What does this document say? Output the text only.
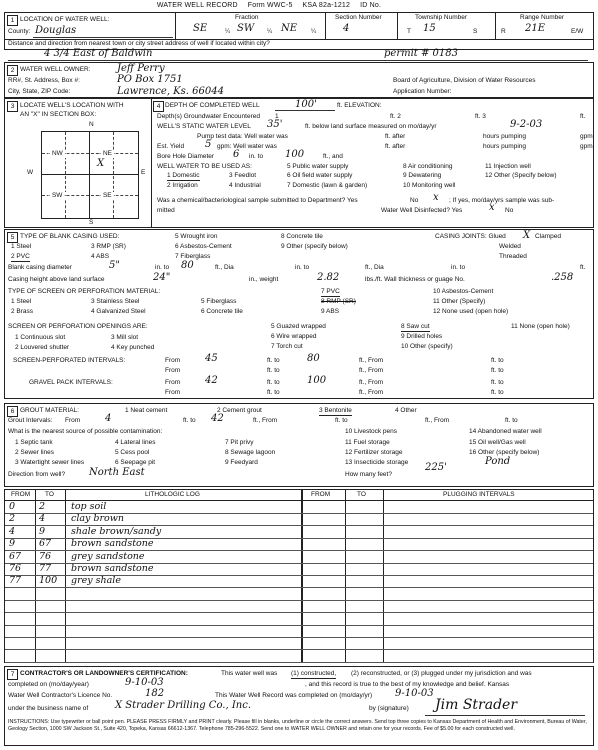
WATER WELL RECORD Form WWC-5 KSA 82a-1212 ID No.
1 LOCATION OF WATER WELL:
County: Douglas
Fraction
SE	¼ SW ¼ NE ¼
Section Number
4
Township Number
T 15	S
Range Number
R 21E	E/W
Distance and direction from nearest town or city street address of well if located within city?
4 3/4 East of Baldwin	permit # 0183
2 WATER WELL OWNER:	Jeff Perry
RR#, St. Address, Box #:	PO Box 1751
City, State, ZIP Code:	Lawrence, Ks. 66044
Board of Agriculture, Division of Water Resources
Application Number:
3 LOCATE WELL'S LOCATION WITH
AN "X" IN SECTION BOX:
N
S
W	E
- NW -	- NE -
- SW -	- SE -
X
4 DEPTH OF COMPLETED WELL	100'	ft. ELEVATION:
Depth(s) Groundwater Encountered 1	ft. 2	ft. 3	ft.
WELL'S STATIC WATER LEVEL 35'	ft. below land surface measured on mo/day/yr	9-2-03
Pump test data: Well water was	ft. after	hours pumping	gpm
Est. Yield 5 gpm: Well water was	ft. after	hours pumping	gpm
Bore Hole Diameter 6 in. to 100	ft., and
WELL WATER TO BE USED AS:
1 Domestic	3 Feedlot
5 Public water supply	8 Air conditioning	11 Injection well
2 Irrigation	4 Industrial
6 Oil field water supply	9 Dewatering	12 Other (Specify below)
7 Domestic (lawn & garden)	10 Monitoring well
Was a chemical/bacteriological sample submitted to Department? Yes	No x ; If yes, mo/day/yrs sample was sub-
mitted	Water Well Disinfected? Yes	x No
5 TYPE OF BLANK CASING USED:
1 Steel	3 RMP (SR)
5 Wrought iron
6 Asbestos-Cement
8 Concrete tile
9 Other (specify below)
2 PVC	4 ABS	7 Fiberglass
CASING JOINTS: Glued X Clamped
Welded
Threaded
Blank casing diameter	5"	in. to 80	ft., Dia	in. to	ft., Dia	in. to	ft.
Casing height above land surface	24"	in., weight	2.82	lbs./ft. Wall thickness or guage No.	.258
TYPE OF SCREEN OR PERFORATION MATERIAL:
1 Steel	3 Stainless Steel	5 Fiberglass
7 PVC	10 Asbestos-Cement
2 Brass	4 Galvanized Steel	6 Concrete tile
8 RMP (SR)
9 ABS
11 Other (Specify)
12 None used (open hole)
SCREEN OR PERFORATION OPENINGS ARE:
1 Continuous slot	3 Mill slot
5 Guazed wrapped	8 Saw cut	11 None (open hole)
2 Louvered shutter	4 Key punched
6 Wire wrapped	9 Drilled holes
7 Torch cut	10 Other (specify)
SCREEN-PERFORATED INTERVALS:	From 45	ft. to	80	ft., From	ft. to
From	ft. to	ft., From	ft. to
GRAVEL PACK INTERVALS:	From 42	ft. to	100	ft., From	ft. to
From	ft. to	ft., From	ft. to
6 GROUT MATERIAL:	1 Neat cement	2 Cement grout	3 Bentonite	4 Other
Grout Intervals: From 4	ft. to 42	ft., From	ft. to	ft., From	ft. to
What is the nearest source of possible contamination:
1 Septic tank	4 Lateral lines	7 Pit privy
10 Livestock pens	14 Abandoned water well
2 Sewer lines	5 Cess pool	8 Sewage lagoon
11 Fuel storage	15 Oil well/Gas well
3 Watertight sewer lines	6 Seepage pit	9 Feedyard
12 Fertilizer storage	16 Other (specify below)
13 Insecticide storage	Pond
Direction from well? North East	How many feet?
225'
FROM TO	LITHOLOGIC LOG	FROM	TO	PLUGGING INTERVALS
0	2	top soil
2	4	clay brown
4	9	shale brown/sandy
9	67 brown sandstone
67 76 grey sandstone
76 77 brown sandstone
77 100 grey shale
7 CONTRACTOR'S OR LANDOWNER'S CERTIFICATION:	This water well was (1) constructed, (2) reconstructed, or (3) plugged under my jurisdiction and was
completed on (mo/day/year)	9-10-03	, and this record is true to the best of my knowledge and belief. Kansas
Water Well Contractor's Licence No.	182	This Water Well Record was completed on (mo/day/yr) 9-10-03
under the business name of	X Strader Drilling Co., Inc.	by (signature) Jim Strader
INSTRUCTIONS: Use typewriter or ball point pen. PLEASE PRESS FIRMLY and PRINT clearly. Please fill in blanks, underline or circle the correct answers. Send top three copies to Kansas Department of Health and Environment, Bureau of Water, Geology Section, 1000 SW Jackson St., Suite 420, Topeka, Kansas 66612-1367. Telephone 785-296-5522. Send one to WATER WELL OWNER and retain one for your records. Fee of $5.00 for each constructed well.
